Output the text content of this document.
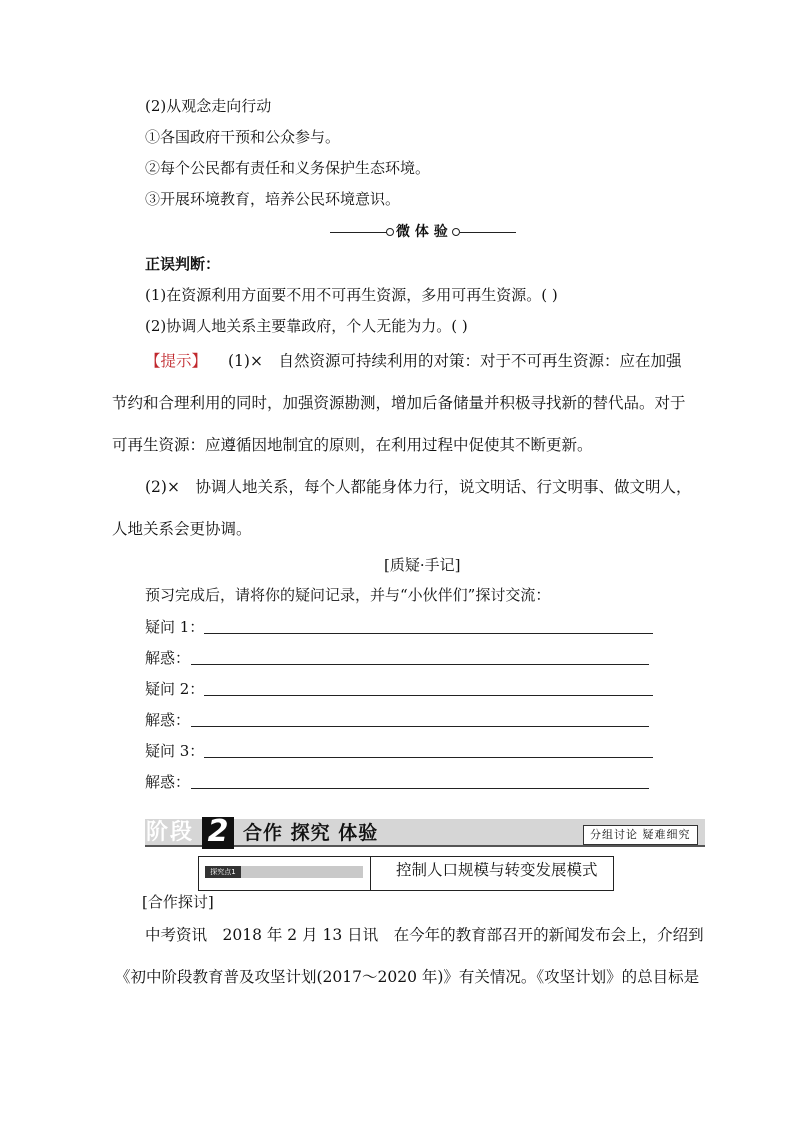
(2)从观念走向行动
①各国政府干预和公众参与。
②每个公民都有责任和义务保护生态环境。
③开展环境教育，培养公民环境意识。
微 体 验
正误判断：
(1)在资源利用方面要不用不可再生资源，多用可再生资源。( )
(2)协调人地关系主要靠政府，个人无能为力。( )
【提示】 (1)×　自然资源可持续利用的对策：对于不可再生资源：应在加强
节约和合理利用的同时，加强资源勘测，增加后备储量并积极寻找新的替代品。对于
可再生资源：应遵循因地制宜的原则，在利用过程中促使其不断更新。
(2)×　协调人地关系，每个人都能身体力行，说文明话、行文明事、做文明人，
人地关系会更协调。
[质疑·手记]
预习完成后，请将你的疑问记录，并与“小伙伴们”探讨交流：
疑问 1：
解惑：
疑问 2：
解惑：
疑问 3：
解惑：
阶段 2 合作 探究 体验	分组讨论 疑难细究
探究点1	控制人口规模与转变发展模式
[合作探讨]
中考资讯　2018 年 2 月 13 日讯　在今年的教育部召开的新闻发布会上，介绍到
《初中阶段教育普及攻坚计划(2017～2020 年)》有关情况。《攻坚计划》的总目标是
